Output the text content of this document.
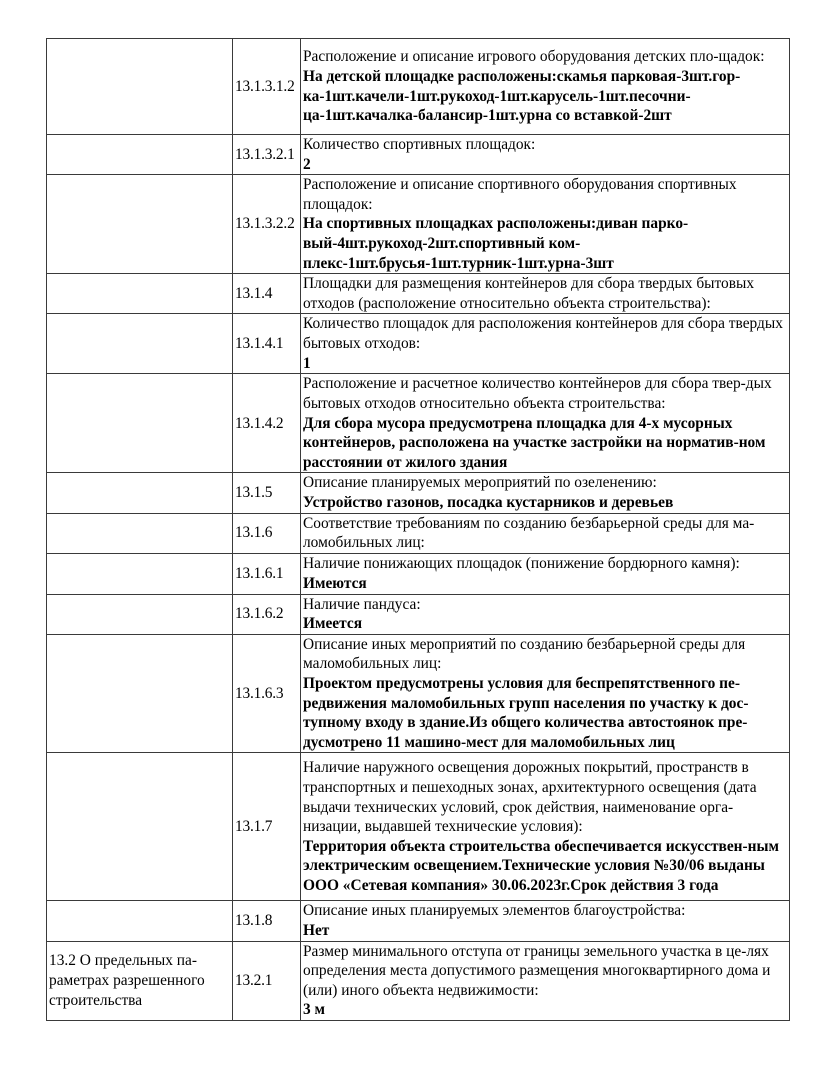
	13.1.3.1.2	Расположение и описание игрового оборудования детских пло-щадок:
На детской площадке расположены:скамья парковая-3шт.гор-ка-1шт.качели-1шт.рукоход-1шт.карусель-1шт.песочни-ца-1шт.качалка-балансир-1шт.урна со вставкой-2шт

	13.1.3.2.1	Количество спортивных площадок:
2

	13.1.3.2.2	Расположение и описание спортивного оборудования спортивных площадок:
На спортивных площадках расположены:диван парко-вый-4шт.рукоход-2шт.спортивный ком-плекс-1шт.брусья-1шт.турник-1шт.урна-3шт

	13.1.4	Площадки для размещения контейнеров для сбора твердых бытовых отходов (расположение относительно объекта строительства):

	13.1.4.1	Количество площадок для расположения контейнеров для сбора твердых бытовых отходов:
1

	13.1.4.2	Расположение и расчетное количество контейнеров для сбора твер-дых бытовых отходов относительно объекта строительства:
Для сбора мусора предусмотрена площадка для 4-х мусорных контейнеров, расположена на участке застройки на норматив-ном расстоянии от жилого здания

	13.1.5	Описание планируемых мероприятий по озеленению:
Устройство газонов, посадка кустарников и деревьев

	13.1.6	Соответствие требованиям по созданию безбарьерной среды для ма-ломобильных лиц:

	13.1.6.1	Наличие понижающих площадок (понижение бордюрного камня):
Имеются

	13.1.6.2	Наличие пандуса:
Имеется

	13.1.6.3	Описание иных мероприятий по созданию безбарьерной среды для маломобильных лиц:
Проектом предусмотрены условия для беспрепятственного пе-редвижения маломобильных групп населения по участку к дос-тупному входу в здание.Из общего количества автостоянок пре-дусмотрено 11 машино-мест для маломобильных лиц

	13.1.7	Наличие наружного освещения дорожных покрытий, пространств в транспортных и пешеходных зонах, архитектурного освещения (дата выдачи технических условий, срок действия, наименование орга-низации, выдавшей технические условия):
Территория объекта строительства обеспечивается искусствен-ным электрическим освещением.Технические условия №30/06 выданы ООО «Сетевая компания» 30.06.2023г.Срок действия 3 года

	13.1.8	Описание иных планируемых элементов благоустройства:
Нет

13.2 О предельных па-раметрах разрешенного строительства	13.2.1	Размер минимального отступа от границы земельного участка в це-лях определения места допустимого размещения многоквартирного дома и (или) иного объекта недвижимости:
3 м
